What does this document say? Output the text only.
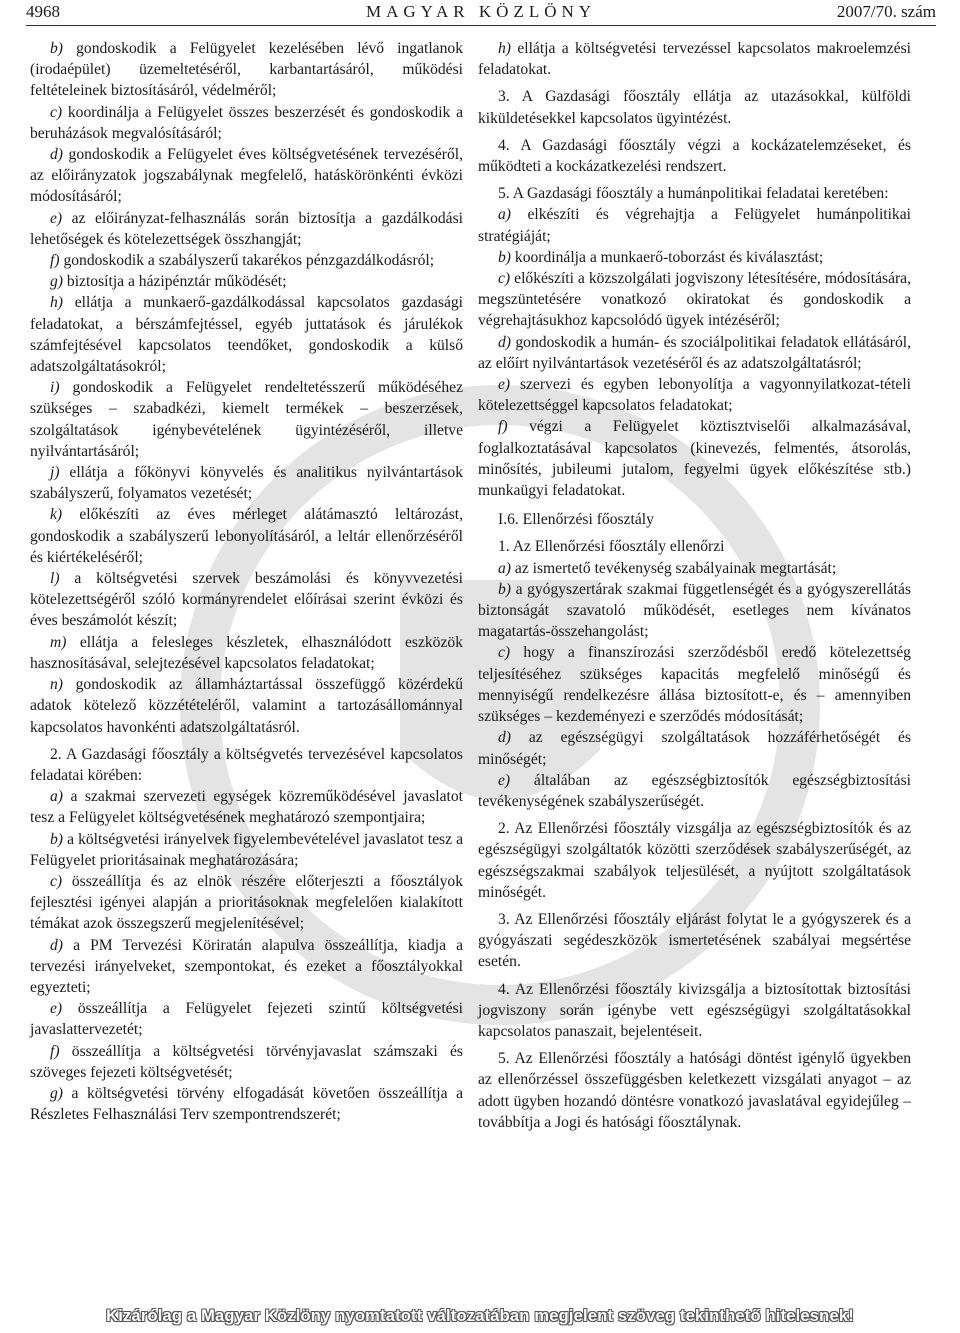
MAGYAR KÖZLÖNY
4968	2007/70. szám

b) gondoskodik a Felügyelet kezelésében lévő ingatlanok (irodaépület) üzemeltetéséről, karbantartásáról, működési feltételeinek biztosításáról, védelméről;

c) koordinálja a Felügyelet összes beszerzését és gondoskodik a beruházások megvalósításáról;

d) gondoskodik a Felügyelet éves költségvetésének tervezéséről, az előirányzatok jogszabálynak megfelelő, hatáskörönkénti évközi módosításáról;

e) az előirányzat-felhasználás során biztosítja a gazdálkodási lehetőségek és kötelezettségek összhangját;

f) gondoskodik a szabályszerű takarékos pénzgazdálkodásról;

g) biztosítja a házipénztár működését;

h) ellátja a munkaerő-gazdálkodással kapcsolatos gazdasági feladatokat, a bérszámfejtéssel, egyéb juttatások és járulékok számfejtésével kapcsolatos teendőket, gondoskodik a külső adatszolgáltatásokról;

i) gondoskodik a Felügyelet rendeltetésszerű működéséhez szükséges – szabadkézi, kiemelt termékek – beszerzések, szolgáltatások igénybevételének ügyintézéséről, illetve nyilvántartásáról;

j) ellátja a főkönyvi könyvelés és analitikus nyilvántartások szabályszerű, folyamatos vezetését;

k) előkészíti az éves mérleget alátámasztó leltározást, gondoskodik a szabályszerű lebonyolításáról, a leltár ellenőrzéséről és kiértékeléséről;

l) a költségvetési szervek beszámolási és könyvvezetési kötelezettségéről szóló kormányrendelet előírásai szerint évközi és éves beszámolót készít;

m) ellátja a felesleges készletek, elhasználódott eszközök hasznosításával, selejtezésével kapcsolatos feladatokat;

n) gondoskodik az államháztartással összefüggő közérdekű adatok kötelező közzétételéről, valamint a tartozásállománnyal kapcsolatos havonkénti adatszolgáltatásról.

2. A Gazdasági főosztály a költségvetés tervezésével kapcsolatos feladatai körében:

a) a szakmai szervezeti egységek közreműködésével javaslatot tesz a Felügyelet költségvetésének meghatározó szempontjaira;

b) a költségvetési irányelvek figyelembevételével javaslatot tesz a Felügyelet prioritásainak meghatározására;

c) összeállítja és az elnök részére előterjeszti a főosztályok fejlesztési igényei alapján a prioritásoknak megfelelően kialakított témákat azok összegszerű megjelenítésével;

d) a PM Tervezési Köriratán alapulva összeállítja, kiadja a tervezési irányelveket, szempontokat, és ezeket a főosztályokkal egyezteti;

e) összeállítja a Felügyelet fejezeti szintű költségvetési javaslattervezetét;

f) összeállítja a költségvetési törvényjavaslat számszaki és szöveges fejezeti költségvetését;

g) a költségvetési törvény elfogadását követően összeállítja a Részletes Felhasználási Terv szempontrendszerét;

h) ellátja a költségvetési tervezéssel kapcsolatos makroelemzési feladatokat.

3. A Gazdasági főosztály ellátja az utazásokkal, külföldi kiküldetésekkel kapcsolatos ügyintézést.

4. A Gazdasági főosztály végzi a kockázatelemzéseket, és működteti a kockázatkezelési rendszert.

5. A Gazdasági főosztály a humánpolitikai feladatai keretében:

a) elkészíti és végrehajtja a Felügyelet humánpolitikai stratégiáját;

b) koordinálja a munkaerő-toborzást és kiválasztást;

c) előkészíti a közszolgálati jogviszony létesítésére, módosítására, megszüntetésére vonatkozó okiratokat és gondoskodik a végrehajtásukhoz kapcsolódó ügyek intézéséről;

d) gondoskodik a humán- és szociálpolitikai feladatok ellátásáról, az előírt nyilvántartások vezetéséről és az adatszolgáltatásról;

e) szervezi és egyben lebonyolítja a vagyonnyilatkozat-tételi kötelezettséggel kapcsolatos feladatokat;

f) végzi a Felügyelet köztisztviselői alkalmazásával, foglalkoztatásával kapcsolatos (kinevezés, felmentés, átsorolás, minősítés, jubileumi jutalom, fegyelmi ügyek előkészítése stb.) munkaügyi feladatokat.

I.6. Ellenőrzési főosztály

1. Az Ellenőrzési főosztály ellenőrzi

a) az ismertető tevékenység szabályainak megtartását;

b) a gyógyszertárak szakmai függetlenségét és a gyógyszerellátás biztonságát szavatoló működését, esetleges nem kívánatos magatartás-összehangolást;

c) hogy a finanszírozási szerződésből eredő kötelezettség teljesítéséhez szükséges kapacitás megfelelő minőségű és mennyiségű rendelkezésre állása biztosított-e, és – amennyiben szükséges – kezdeményezi e szerződés módosítását;

d) az egészségügyi szolgáltatások hozzáférhetőségét és minőségét;

e) általában az egészségbiztosítók egészségbiztosítási tevékenységének szabályszerűségét.

2. Az Ellenőrzési főosztály vizsgálja az egészségbiztosítók és az egészségügyi szolgáltatók közötti szerződések szabályszerűségét, az egészségszakmai szabályok teljesülését, a nyújtott szolgáltatások minőségét.

3. Az Ellenőrzési főosztály eljárást folytat le a gyógyszerek és a gyógyászati segédeszközök ismertetésének szabályai megsértése esetén.

4. Az Ellenőrzési főosztály kivizsgálja a biztosítottak biztosítási jogviszony során igénybe vett egészségügyi szolgáltatásokkal kapcsolatos panaszait, bejelentéseit.

5. Az Ellenőrzési főosztály a hatósági döntést igénylő ügyekben az ellenőrzéssel összefüggésben keletkezett vizsgálati anyagot – az adott ügyben hozandó döntésre vonatkozó javaslatával egyidejűleg – továbbítja a Jogi és hatósági főosztálynak.

Kizárólag a Magyar Közlöny nyomtatott változatában megjelent szöveg tekinthető hitelesnek!
